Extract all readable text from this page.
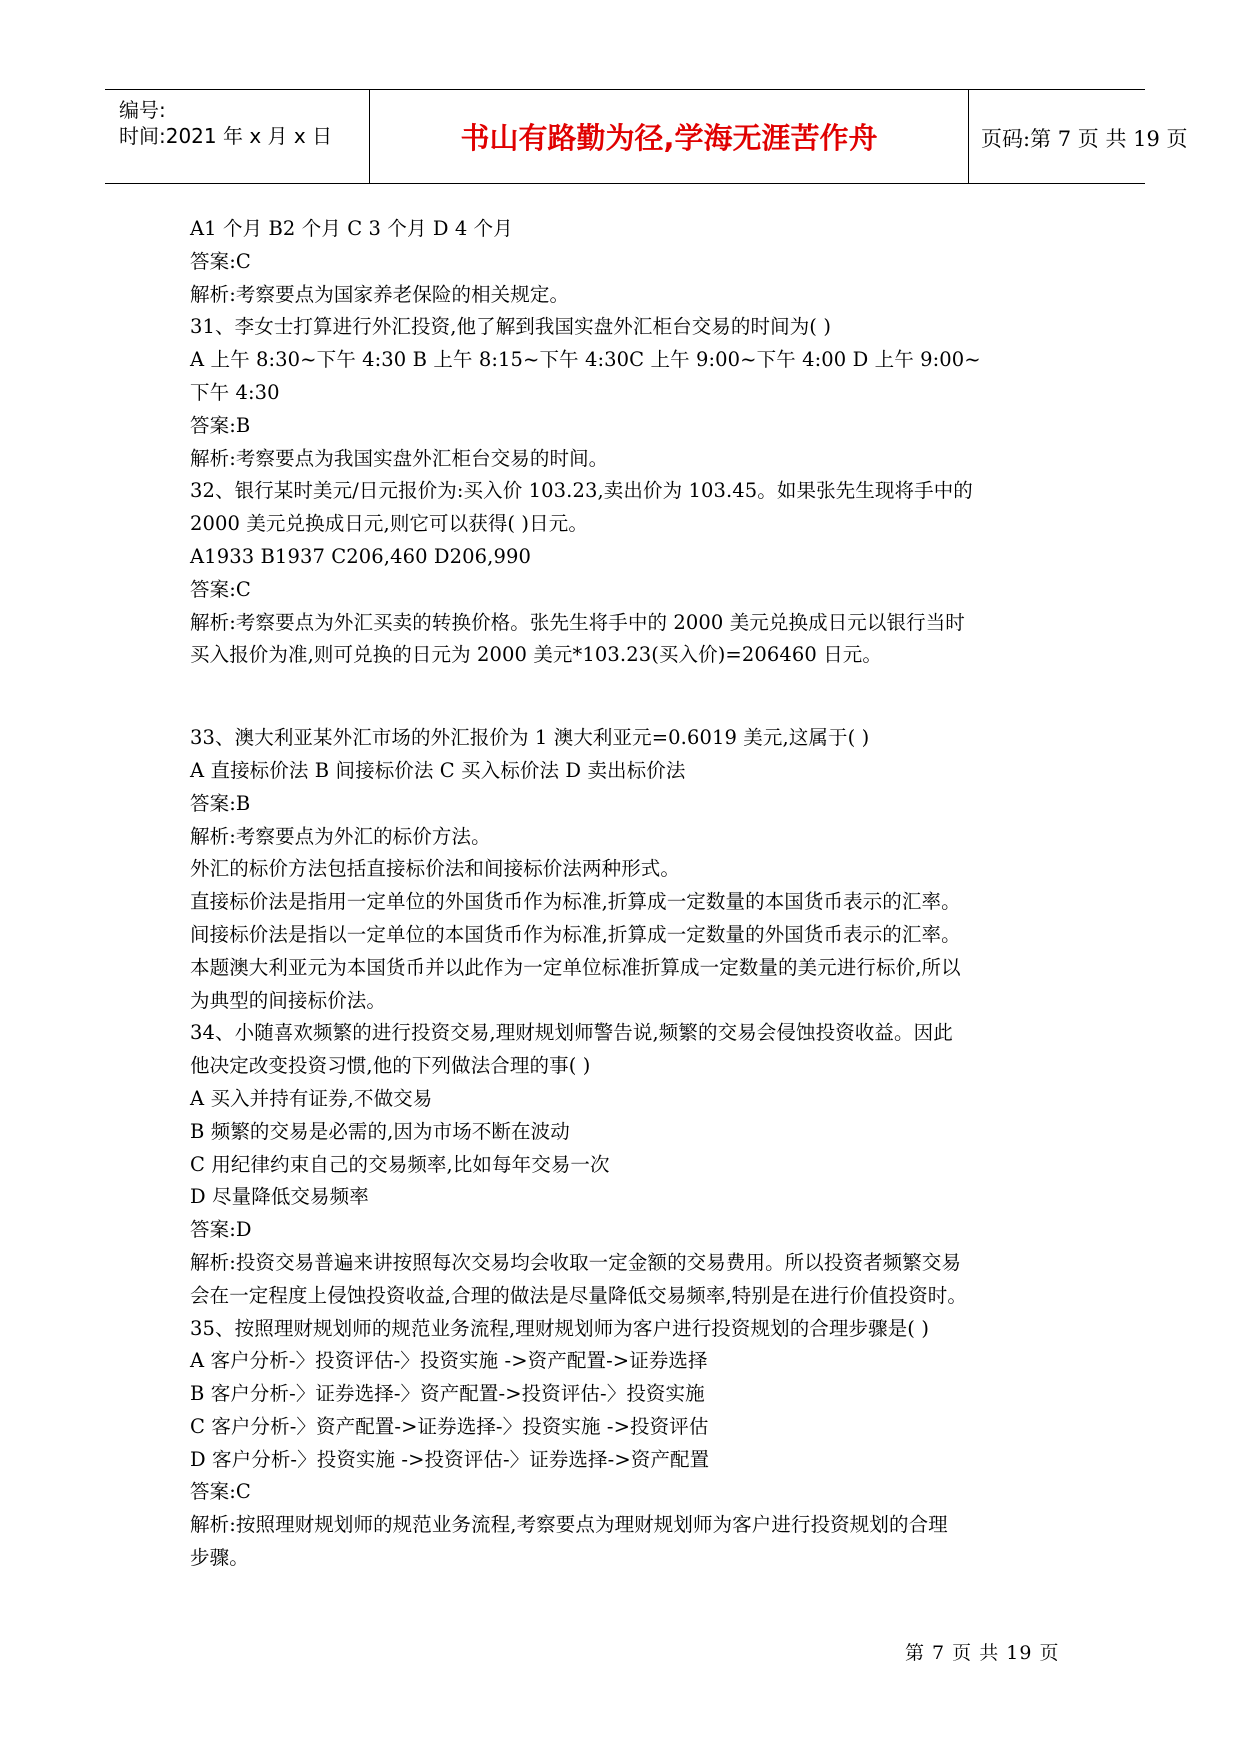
编号:
时间:2021 年 x 月 x 日	书山有路勤为径,学海无涯苦作舟	页码:第 7 页 共 19 页

A1 个月 B2 个月 C 3 个月 D 4 个月

答案:C

解析:考察要点为国家养老保险的相关规定。

31、李女士打算进行外汇投资,他了解到我国实盘外汇柜台交易的时间为( )

A 上午 8:30~下午 4:30 B 上午 8:15~下午 4:30C 上午 9:00~下午 4:00 D 上午 9:00~

下午 4:30

答案:B

解析:考察要点为我国实盘外汇柜台交易的时间。

32、银行某时美元/日元报价为:买入价 103.23,卖出价为 103.45。如果张先生现将手中的

2000 美元兑换成日元,则它可以获得( )日元。

A1933 B1937 C206,460 D206,990

答案:C

解析:考察要点为外汇买卖的转换价格。张先生将手中的 2000 美元兑换成日元以银行当时

买入报价为准,则可兑换的日元为 2000 美元*103.23(买入价)=206460 日元。

33、澳大利亚某外汇市场的外汇报价为 1 澳大利亚元=0.6019 美元,这属于( )

A 直接标价法 B 间接标价法 C 买入标价法 D 卖出标价法

答案:B

解析:考察要点为外汇的标价方法。

外汇的标价方法包括直接标价法和间接标价法两种形式。

直接标价法是指用一定单位的外国货币作为标准,折算成一定数量的本国货币表示的汇率。

间接标价法是指以一定单位的本国货币作为标准,折算成一定数量的外国货币表示的汇率。

本题澳大利亚元为本国货币并以此作为一定单位标准折算成一定数量的美元进行标价,所以

为典型的间接标价法。

34、小随喜欢频繁的进行投资交易,理财规划师警告说,频繁的交易会侵蚀投资收益。因此

他决定改变投资习惯,他的下列做法合理的事( )

A 买入并持有证券,不做交易

B 频繁的交易是必需的,因为市场不断在波动

C 用纪律约束自己的交易频率,比如每年交易一次

D 尽量降低交易频率

答案:D

解析:投资交易普遍来讲按照每次交易均会收取一定金额的交易费用。所以投资者频繁交易

会在一定程度上侵蚀投资收益,合理的做法是尽量降低交易频率,特别是在进行价值投资时。

35、按照理财规划师的规范业务流程,理财规划师为客户进行投资规划的合理步骤是( )

A 客户分析-〉投资评估-〉投资实施 ->资产配置->证券选择

B 客户分析-〉证券选择-〉资产配置->投资评估-〉投资实施

C 客户分析-〉资产配置->证券选择-〉投资实施 ->投资评估

D 客户分析-〉投资实施 ->投资评估-〉证券选择->资产配置

答案:C

解析:按照理财规划师的规范业务流程,考察要点为理财规划师为客户进行投资规划的合理

步骤。

第 7 页 共 19 页
